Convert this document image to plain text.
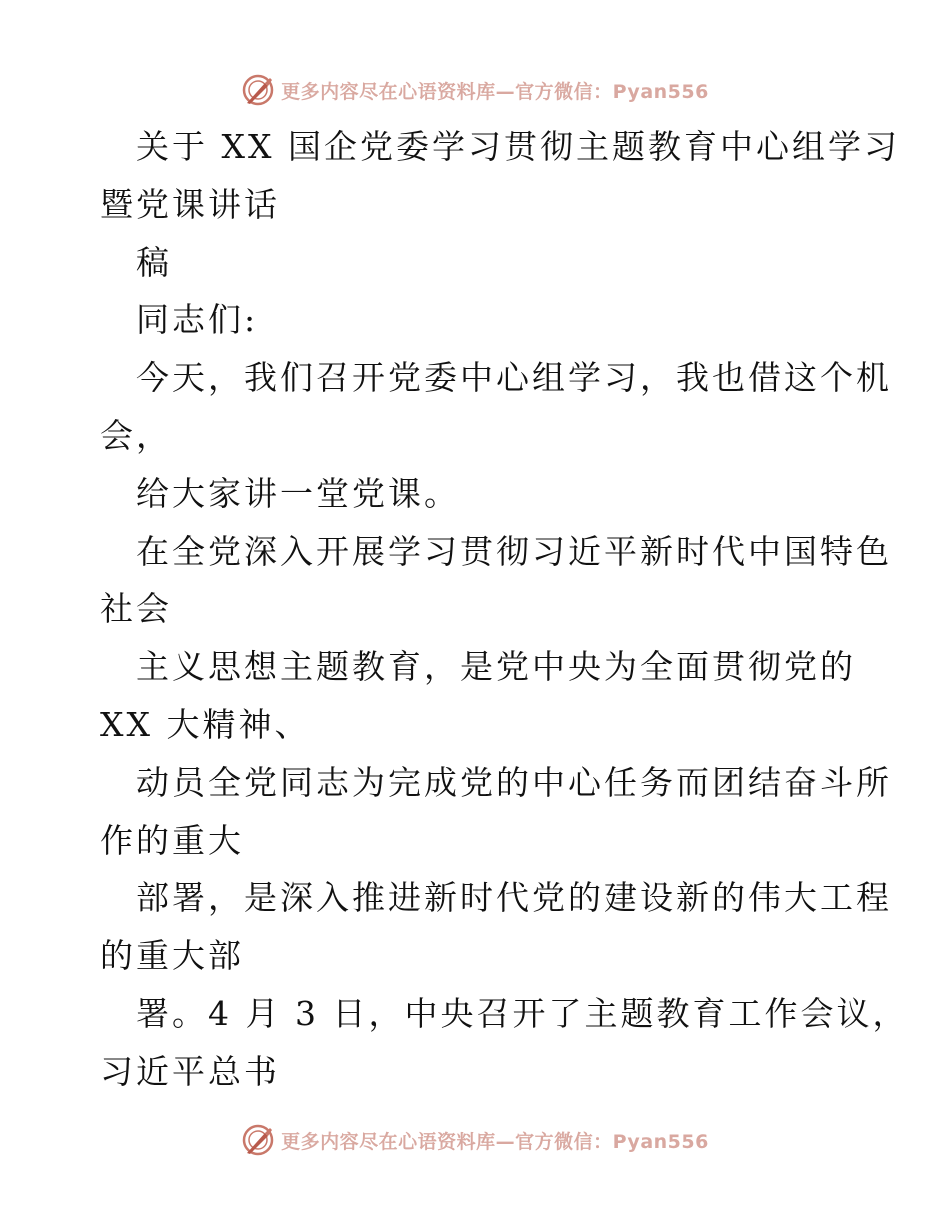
更多内容尽在心语资料库—官方微信：Pyan556
关于 XX 国企党委学习贯彻主题教育中心组学习
暨党课讲话
稿
同志们:
今天，我们召开党委中心组学习，我也借这个机
会，
给大家讲一堂党课。
在全党深入开展学习贯彻习近平新时代中国特色
社会
主义思想主题教育，是党中央为全面贯彻党的
XX 大精神、
动员全党同志为完成党的中心任务而团结奋斗所
作的重大
部署，是深入推进新时代党的建设新的伟大工程
的重大部
署。4 月 3 日，中央召开了主题教育工作会议，
习近平总书
更多内容尽在心语资料库—官方微信：Pyan556
